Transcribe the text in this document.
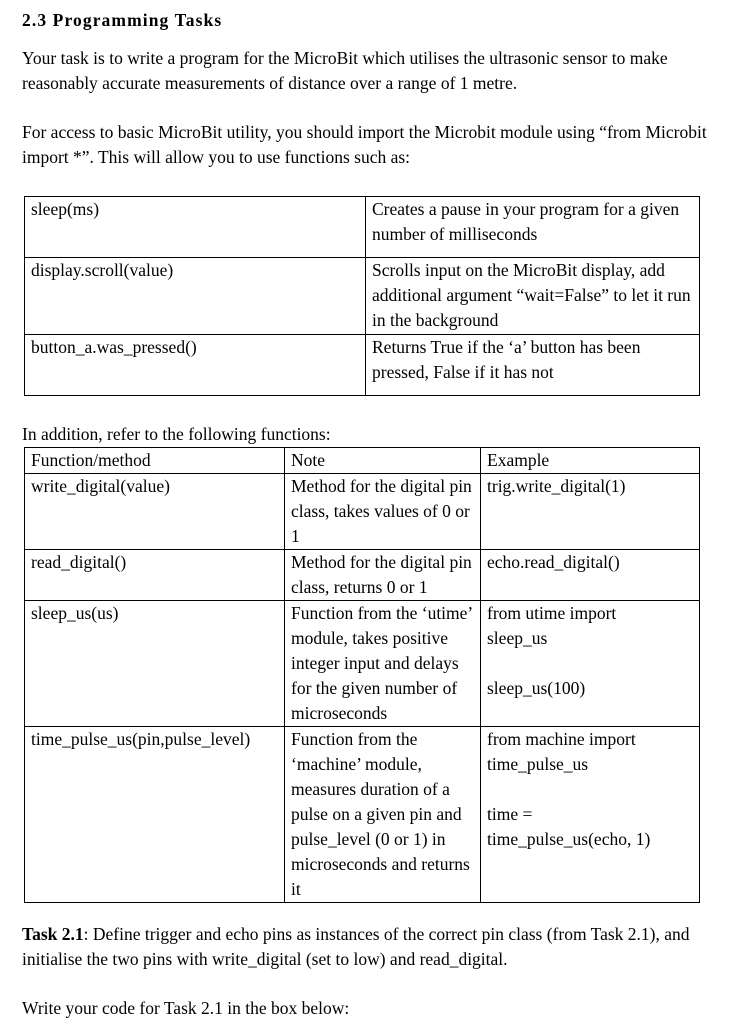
2.3 Programming Tasks
Your task is to write a program for the MicroBit which utilises the ultrasonic sensor to make reasonably accurate measurements of distance over a range of 1 metre.
For access to basic MicroBit utility, you should import the Microbit module using “from Microbit import *”. This will allow you to use functions such as:
sleep(ms)	Creates a pause in your program for a given number of milliseconds
display.scroll(value)	Scrolls input on the MicroBit display, add additional argument “wait=False” to let it run in the background
button_a.was_pressed()	Returns True if the ‘a’ button has been pressed, False if it has not
In addition, refer to the following functions:
Function/method	Note	Example
write_digital(value)	Method for the digital pin class, takes values of 0 or 1	trig.write_digital(1)
read_digital()	Method for the digital pin class, returns 0 or 1	echo.read_digital()
sleep_us(us)	Function from the ‘utime’ module, takes positive integer input and delays for the given number of microseconds	from utime import sleep_us
sleep_us(100)

time_pulse_us(pin,pulse_level)	Function from the ‘machine’ module, measures duration of a pulse on a given pin and pulse_level (0 or 1) in microseconds and returns it	from machine import time_pulse_us
time = time_pulse_us(echo, 1)
Task 2.1: Define trigger and echo pins as instances of the correct pin class (from Task 2.1), and initialise the two pins with write_digital (set to low) and read_digital.
Write your code for Task 2.1 in the box below:
